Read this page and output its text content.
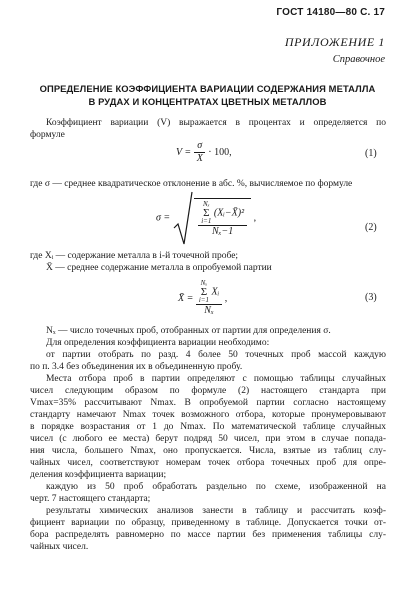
ГОСТ 14180—80 С. 17
ПРИЛОЖЕНИЕ 1
Справочное
ОПРЕДЕЛЕНИЕ КОЭФФИЦИЕНТА ВАРИАЦИИ СОДЕРЖАНИЯ МЕТАЛЛА
В РУДАХ И КОНЦЕНТРАТАХ ЦВЕТНЫХ МЕТАЛЛОВ
Коэффициент вариации (V) выражается в процентах и определяется по
формуле
$V = \frac{\sigma}{X} \cdot 100$,	(1)
где σ — среднее квадратическое отклонение в абс. %, вычисляемое по формуле
σ =
Nₓ
Σ
i=1
(Xᵢ−X̄)²
Nₓ−1
,
(2)
где Xᵢ — содержание металла в i-й точечной пробе;
X̄ — среднее содержание металла в опробуемой партии
X̄ = Nₓ
Σ
i=1
Xᵢ
Nₓ ,	(3)
Nₓ — число точечных проб, отобранных от партии для определения σ.
Для определения коэффициента вариации необходимо:
от партии отобрать по разд. 4 более 50 точечных проб массой каждую
по п. 3.4 без объединения их в объединенную пробу.
Места отбора проб в партии определяют с помощью таблицы случайных
чисел следующим образом по формуле (2) настоящего стандарта при
Vmax=35% рассчитывают Nmax. В опробуемой партии согласно настоящему
стандарту намечают Nmax точек возможного отбора, которые пронумеровывают
в порядке возрастания от 1 до Nmax. По математической таблице случайных
чисел (с любого ее места) берут подряд 50 чисел, при этом в случае попада-
ния числа, большего Nmax, оно пропускается. Числа, взятые из таблиц слу-
чайных чисел, соответствуют номерам точек отбора точечных проб для опре-
деления коэффициента вариации;
каждую из 50 проб обработать раздельно по схеме, изображенной на
черт. 7 настоящего стандарта;
результаты химических анализов занести в таблицу и рассчитать коэф-
фициент вариации по образцу, приведенному в таблице. Допускается точки от-
бора распределять равномерно по массе партии без применения таблицы слу-
чайных чисел.
